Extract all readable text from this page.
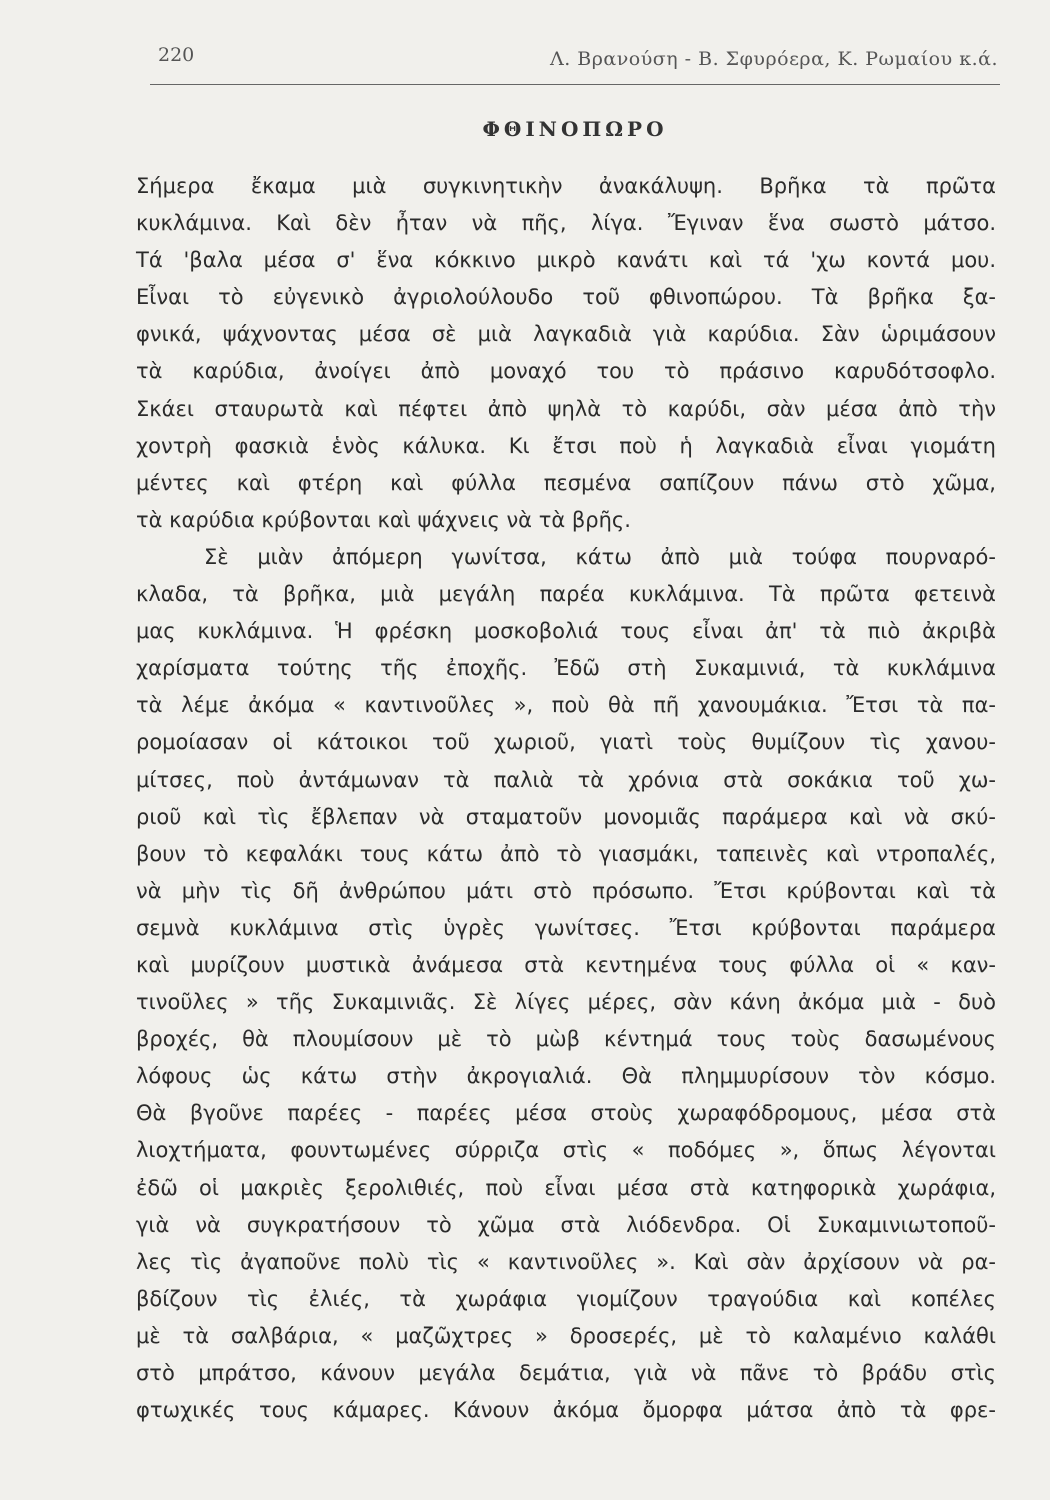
220	Λ. Βρανούση - Β. Σφυρόερα, Κ. Ρωμαίου κ.ά.
ΦΘΙΝΟΠΩΡΟ
Σήμερα ἔκαμα μιὰ συγκινητικὴν ἀνακάλυψη. Βρῆκα τὰ πρῶτα
κυκλάμινα. Καὶ δὲν ἦταν νὰ πῆς, λίγα. Ἔγιναν ἕνα σωστὸ μάτσο.
Τά 'βαλα μέσα σ' ἕνα κόκκινο μικρὸ κανάτι καὶ τά 'χω κοντά μου.
Εἶναι τὸ εὐγενικὸ ἀγριολούλουδο τοῦ φθινοπώρου. Τὰ βρῆκα ξα-
φνικά, ψάχνοντας μέσα σὲ μιὰ λαγκαδιὰ γιὰ καρύδια. Σὰν ὡριμάσουν
τὰ καρύδια, ἀνοίγει ἀπὸ μοναχό του τὸ πράσινο καρυδότσοφλο.
Σκάει σταυρωτὰ καὶ πέφτει ἀπὸ ψηλὰ τὸ καρύδι, σὰν μέσα ἀπὸ τὴν
χοντρὴ φασκιὰ ἑνὸς κάλυκα. Κι ἔτσι ποὺ ἡ λαγκαδιὰ εἶναι γιομάτη
μέντες καὶ φτέρη καὶ φύλλα πεσμένα σαπίζουν πάνω στὸ χῶμα,
τὰ καρύδια κρύβονται καὶ ψάχνεις νὰ τὰ βρῆς.
Σὲ μιὰν ἀπόμερη γωνίτσα, κάτω ἀπὸ μιὰ τούφα πουρναρό-
κλαδα, τὰ βρῆκα, μιὰ μεγάλη παρέα κυκλάμινα. Τὰ πρῶτα φετεινὰ
μας κυκλάμινα. Ἡ φρέσκη μοσκοβολιά τους εἶναι ἀπ' τὰ πιὸ ἀκριβὰ
χαρίσματα τούτης τῆς ἐποχῆς. Ἐδῶ στὴ Συκαμινιά, τὰ κυκλάμινα
τὰ λέμε ἀκόμα « καντινοῦλες », ποὺ θὰ πῆ χανουμάκια. Ἔτσι τὰ πα-
ρομοίασαν οἱ κάτοικοι τοῦ χωριοῦ, γιατὶ τοὺς θυμίζουν τὶς χανου-
μίτσες, ποὺ ἀντάμωναν τὰ παλιὰ τὰ χρόνια στὰ σοκάκια τοῦ χω-
ριοῦ καὶ τὶς ἔβλεπαν νὰ σταματοῦν μονομιᾶς παράμερα καὶ νὰ σκύ-
βουν τὸ κεφαλάκι τους κάτω ἀπὸ τὸ γιασμάκι, ταπεινὲς καὶ ντροπαλές,
νὰ μὴν τὶς δῆ ἀνθρώπου μάτι στὸ πρόσωπο. Ἔτσι κρύβονται καὶ τὰ
σεμνὰ κυκλάμινα στὶς ὑγρὲς γωνίτσες. Ἔτσι κρύβονται παράμερα
καὶ μυρίζουν μυστικὰ ἀνάμεσα στὰ κεντημένα τους φύλλα οἱ « καν-
τινοῦλες » τῆς Συκαμινιᾶς. Σὲ λίγες μέρες, σὰν κάνη ἀκόμα μιὰ - δυὸ
βροχές, θὰ πλουμίσουν μὲ τὸ μὼβ κέντημά τους τοὺς δασωμένους
λόφους ὡς κάτω στὴν ἀκρογιαλιά. Θὰ πλημμυρίσουν τὸν κόσμο.
Θὰ βγοῦνε παρέες - παρέες μέσα στοὺς χωραφόδρομους, μέσα στὰ
λιοχτήματα, φουντωμένες σύρριζα στὶς « ποδόμες », ὅπως λέγονται
ἐδῶ οἱ μακριὲς ξερολιθιές, ποὺ εἶναι μέσα στὰ κατηφορικὰ χωράφια,
γιὰ νὰ συγκρατήσουν τὸ χῶμα στὰ λιόδενδρα. Οἱ Συκαμινιωτοποῦ-
λες τὶς ἀγαποῦνε πολὺ τὶς « καντινοῦλες ». Καὶ σὰν ἀρχίσουν νὰ ρα-
βδίζουν τὶς ἐλιές, τὰ χωράφια γιομίζουν τραγούδια καὶ κοπέλες
μὲ τὰ σαλβάρια, « μαζῶχτρες » δροσερές, μὲ τὸ καλαμένιο καλάθι
στὸ μπράτσο, κάνουν μεγάλα δεμάτια, γιὰ νὰ πᾶνε τὸ βράδυ στὶς
φτωχικές τους κάμαρες. Κάνουν ἀκόμα ὄμορφα μάτσα ἀπὸ τὰ φρε-
